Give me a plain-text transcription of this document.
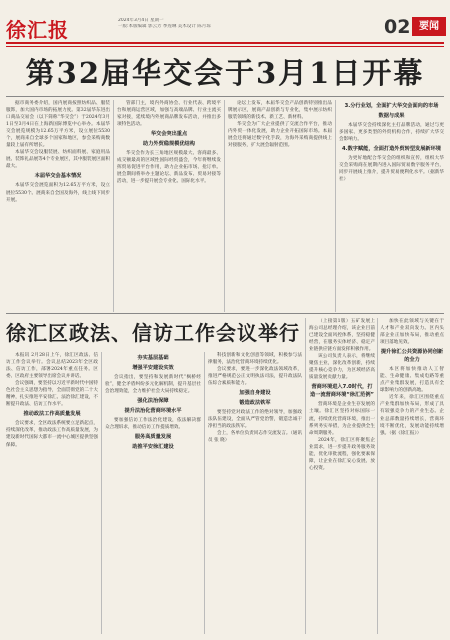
徐汇报	2024年3月4日 星期一
一版:本版编辑 郭云芳 季莲琳 美术设计 陈月琼	02 要闻
第32届华交会于3月1日开幕

据市商务委介绍，国内展商按照纺织品、服装服饰，加大国内市场的拓展力度。第32届华东进出口商品交易会（以下简称“华交会”）于2024年3月1日至3月4日在上海新国际博览中心举办。本届华交会展览规模为12.65万平方米，设立展位5530个，展商来自全球多个国家和地区，参会采购商数量较上届有所增长。

本届华交会设服装展、纺织面料展、家庭用品展、装饰礼品展等4个专业展区，其中服装展区面积最大。

本届华交会基本情况

本届华交会展览面积为12.65万平方米，设立展位5530个。展商来自全国及海外，线上线下同步开展。

管部门主，境内外商协会、行业代表、跨境平台和展商运营区域，加强与高端品牌、行业主流买家对接，延续境内外展商品牌发布活动，并推出多项特色活动。

华交会突出重点
助力外贸稳规模优结构

华交会作为长三角地区规模最大、客商最多、成交额最高的区域性国际经贸盛会，今年将继续发挥贸易促进平台作用，助力企业拓市场、抢订单。展会期间将举办主题论坛、新品发布、贸易对接等活动，进一步提升展会专业化、国际化水平。

论坛上发布，本届华交会产品创新特别推出品牌展示区，展商产品创新与专业化，集中展示纺织服装领域的新技术、新工艺、新材料。

华交会为广大企业提供了交流合作平台，推动内外贸一体化发展，助力企业开拓国际市场。本届展会还将通过数字化手段，为海外采购商提供线上对接服务，扩大展会辐射范围。

3.分行业划，全面扩大华交会面向的市场
数据与成果

本届华交会持续深化主打品牌活动，通过与更多国家、更多类型的外贸机构合作，持续扩大华交会影响力。

4.数字赋能，全面打造外贸转型发展新环境

为更好地配合华交会的组织和宣传，组织大华交会采购商在展期内进入国际贸易数字服务平台，同步开展线上推介，提升贸易便利化水平。（据新华社）

徐汇区政法、信访工作会议举行

本报讯 2月28日上午，徐汇区政法、信访工作会议举行。会议总结2023年全区政法、信访工作，部署2024年重点任务。区委、区政府主要领导出席会议并讲话。

会议强调，要坚持以习近平新时代中国特色社会主义思想为指导，全面贯彻党的二十大精神，扎实推进平安徐汇、法治徐汇建设，不断提升政法、信访工作水平。

推动政法工作高质量发展

会议要求，全区政法系统要立足新起点，持续深化改革，推动政法工作高质量发展，为建设新时代国际大都市一流中心城区提供坚强保障。

夯实基层基础
增强平安建设实效

会议指出，要坚持和发展新时代“枫桥经验”，健全矛盾纠纷多元化解机制，提升基层社会治理效能，全力维护社会大局持续稳定。

强化法治保障
提升法治化营商环境水平

要加强信访工作法治化建设，依法解决群众合理诉求，推动信访工作提质增效。

服务高质量发展
助推平安徐汇建设

科技创新和文化创意等领域，积极参与法律服务，法治化营商环境持续优化。

会议要求，要进一步深化政法领域改革，推进严格规范公正文明执法司法，提升政法队伍综合素质和能力。

加强自身建设
锻造政法铁军

要坚持党对政法工作的绝对领导，加强政法队伍建设，全面从严管党治警，锻造忠诚干净担当的政法铁军。

会上，各单位负责同志作交流发言。（通讯员 张 晓）

（上接第1版）五矿发展上海公司总经理介绍，该企业目前已建设全面风控体系，坚持稳健经营，在服务实体经济、稳定产业链供应链方面发挥积极作用。

该公司负责人表示，将继续聚焦主业，深化改革创新，持续提升核心竞争力，为区域经济高质量发展贡献力量。

营商环境进入7.0时代，打造一流营商环境“徐汇范例”

营商环境是企业生存发展的土壤。徐汇区坚持对标国际一流，持续优化营商环境，推出一系列务实举措，为企业提供全生命周期服务。

2024年，徐汇区将聚焦企业需求，进一步提升政务服务效能，优化审批流程，强化要素保障，让企业在徐汇安心发展、放心投资。

加快在此领域与关键在于人才和产业双向发力。区内头部企业正加快布局，推动重点项目落地见效。

提升徐汇公共资源协同创新的全力

本区将加快推动人工智能、生命健康、集成电路等重点产业集群发展，打造具有全球影响力的创新高地。

近年来，徐汇区围绕重点产业集群加快布局，形成了具有较强竞争力的产业生态。企业总部数量持续增长，营商环境不断优化，发展动能持续增强。（据《徐汇报》）
